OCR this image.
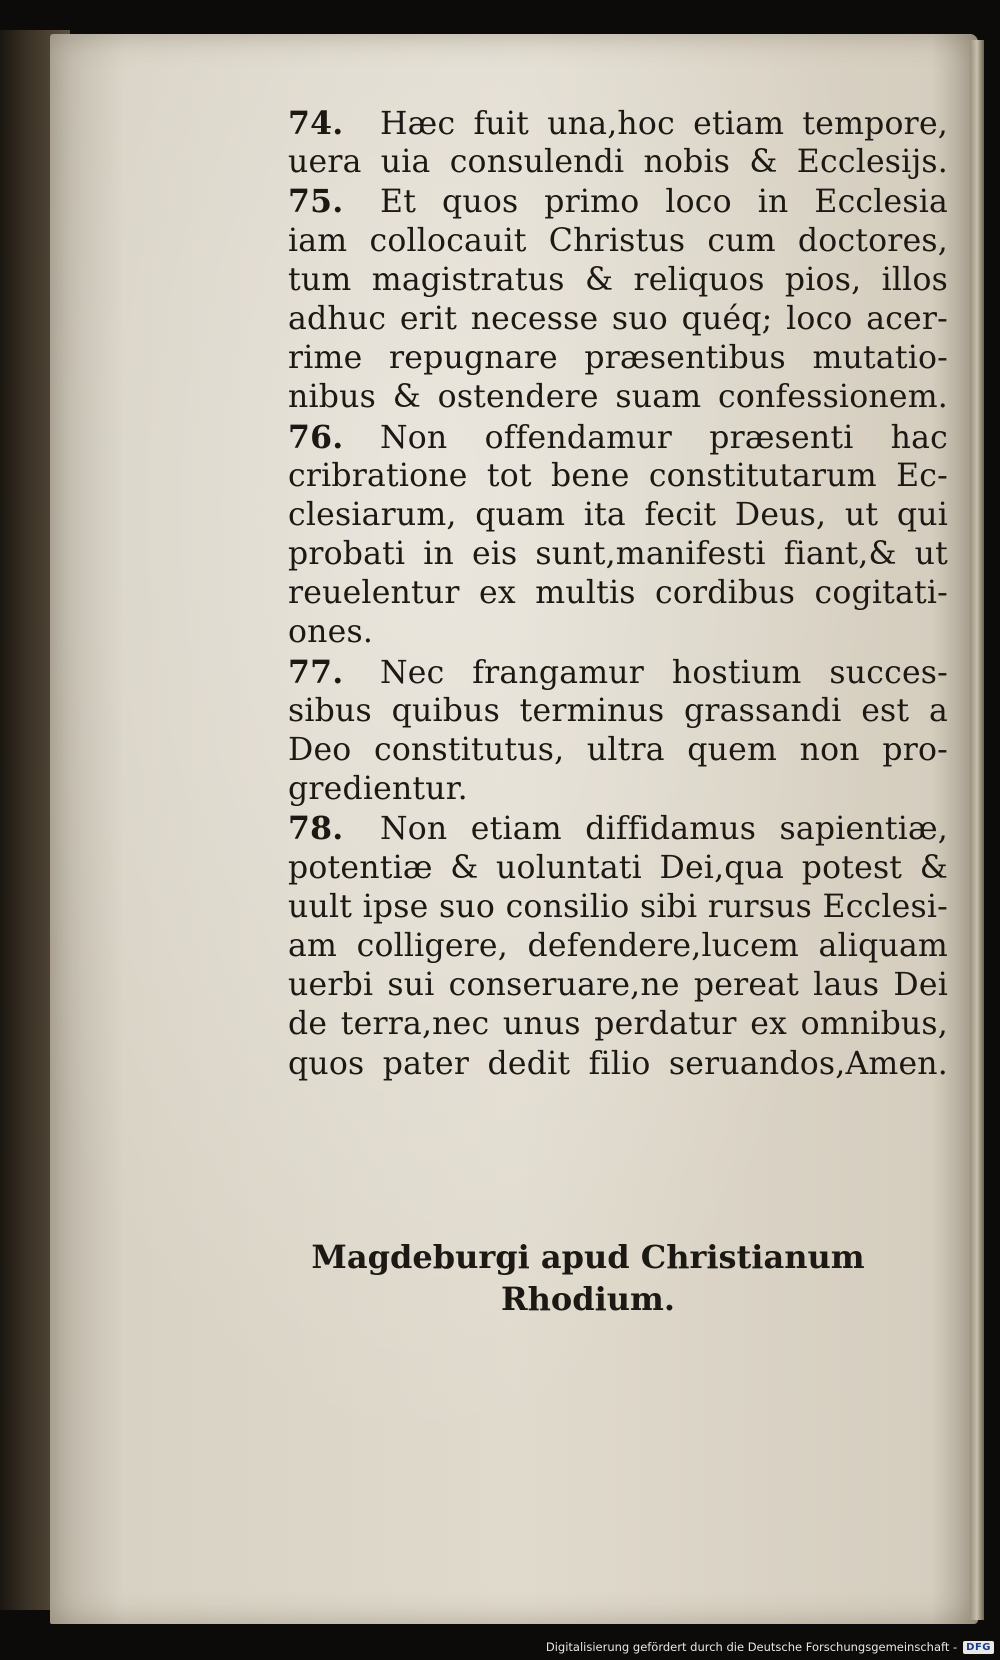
74. Hæc fuit una,hoc etiam tempore,
uera uia consulendi nobis & Ecclesijs.
75. Et quos primo loco in Ecclesia
iam collocauit Christus cum doctores,
tum magistratus & reliquos pios, illos
adhuc erit necesse suo quéq; loco acer-
rime repugnare præsentibus mutatio-
nibus & ostendere suam confessionem.
76. Non offendamur præsenti hac
cribratione tot bene constitutarum Ec-
clesiarum, quam ita fecit Deus, ut qui
probati in eis sunt,manifesti fiant,& ut
reuelentur ex multis cordibus cogitati-
ones.
77. Nec frangamur hostium succes-
sibus quibus terminus grassandi est a
Deo constitutus, ultra quem non pro-
gredientur.
78. Non etiam diffidamus sapientiæ,
potentiæ & uoluntati Dei,qua potest &
uult ipse suo consilio sibi rursus Ecclesi-
am colligere, defendere,lucem aliquam
uerbi sui conseruare,ne pereat laus Dei
de terra,nec unus perdatur ex omnibus,
quos pater dedit filio seruandos,Amen.
Magdeburgi apud Christianum
Rhodium.
Digitalisierung gefördert durch die Deutsche Forschungsgemeinschaft - DFG
